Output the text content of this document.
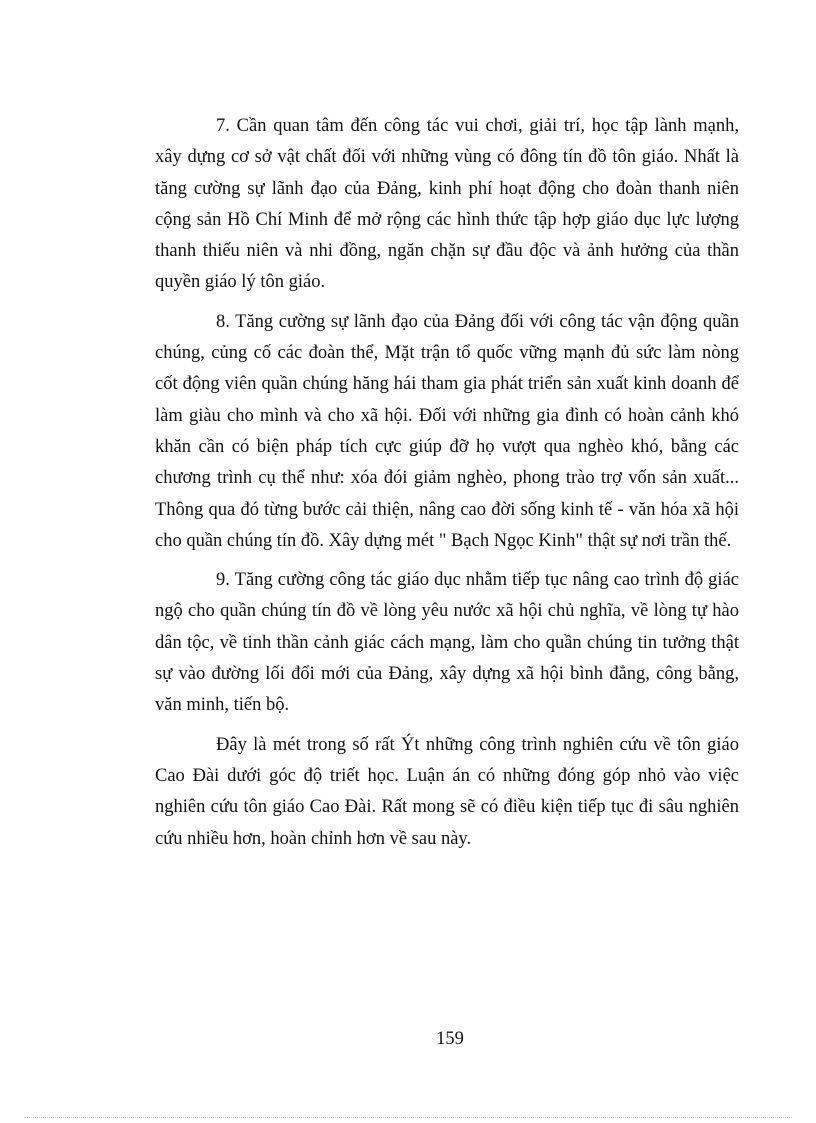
7. Cần quan tâm đến công tác vui chơi, giải trí, học tập lành mạnh, xây dựng cơ sở vật chất đối với những vùng có đông tín đồ tôn giáo. Nhất là tăng cường sự lãnh đạo của Đảng, kinh phí hoạt động cho đoàn thanh niên cộng sản Hồ Chí Minh để mở rộng các hình thức tập hợp giáo dục lực lượng thanh thiếu niên và nhi đồng, ngăn chặn sự đầu độc và ảnh hưởng của thần quyền giáo lý tôn giáo.

8. Tăng cường sự lãnh đạo của Đảng đối với công tác vận động quần chúng, củng cố các đoàn thể, Mặt trận tổ quốc vững mạnh đủ sức làm nòng cốt động viên quần chúng hăng hái tham gia phát triển sản xuất kinh doanh để làm giàu cho mình và cho xã hội. Đối với những gia đình có hoàn cảnh khó khăn cần có biện pháp tích cực giúp đỡ họ vượt qua nghèo khó, bằng các chương trình cụ thể như: xóa đói giảm nghèo, phong trào trợ vốn sản xuất... Thông qua đó từng bước cải thiện, nâng cao đời sống kinh tế - văn hóa xã hội cho quần chúng tín đồ. Xây dựng mét " Bạch Ngọc Kinh" thật sự nơi trần thế.

9. Tăng cường công tác giáo dục nhằm tiếp tục nâng cao trình độ giác ngộ cho quần chúng tín đồ về lòng yêu nước xã hội chủ nghĩa, về lòng tự hào dân tộc, về tinh thần cảnh giác cách mạng, làm cho quần chúng tin tưởng thật sự vào đường lối đổi mới của Đảng, xây dựng xã hội bình đẳng, công bằng, văn minh, tiến bộ.

Đây là mét trong số rất Ýt những công trình nghiên cứu về tôn giáo Cao Đài dưới góc độ triết học. Luận án có những đóng góp nhỏ vào việc nghiên cứu tôn giáo Cao Đài. Rất mong sẽ có điều kiện tiếp tục đi sâu nghiên cứu nhiều hơn, hoàn chỉnh hơn về sau này.

159
